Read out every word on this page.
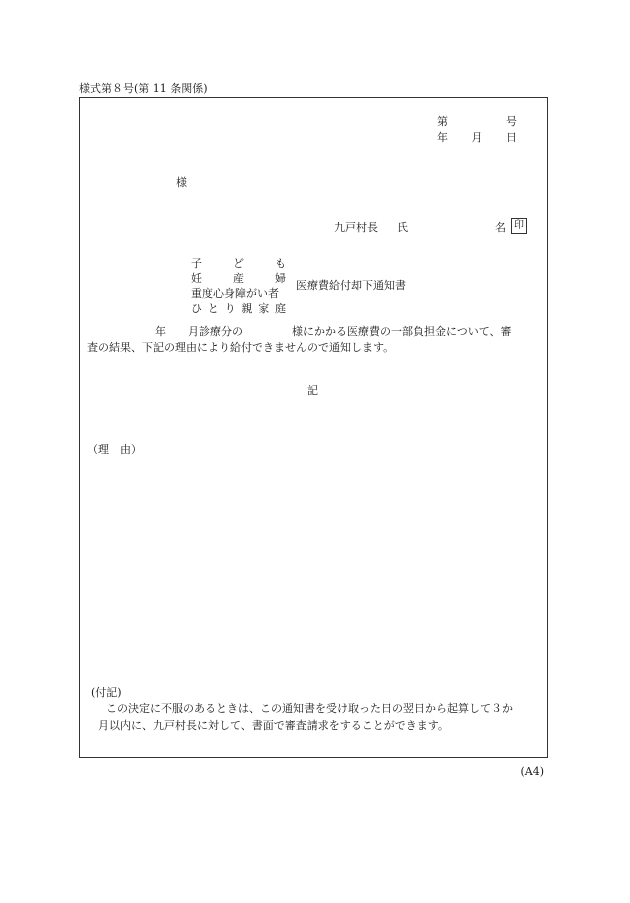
様式第８号(第 11 条関係)
第	号
年 月 日
様
九戸村長 氏	名 印
子	ど	も
妊	産	婦
重度心身障がい者
ひ と り 親 家 庭
医療費給付却下通知書
年 月診療分の	様にかかる医療費の一部負担金について、審
査の結果、下記の理由により給付できませんので通知します。
記
（理　由）
(付記)
この決定に不服のあるときは、この通知書を受け取った日の翌日から起算して３か
月以内に、九戸村長に対して、書面で審査請求をすることができます。
(A4)
